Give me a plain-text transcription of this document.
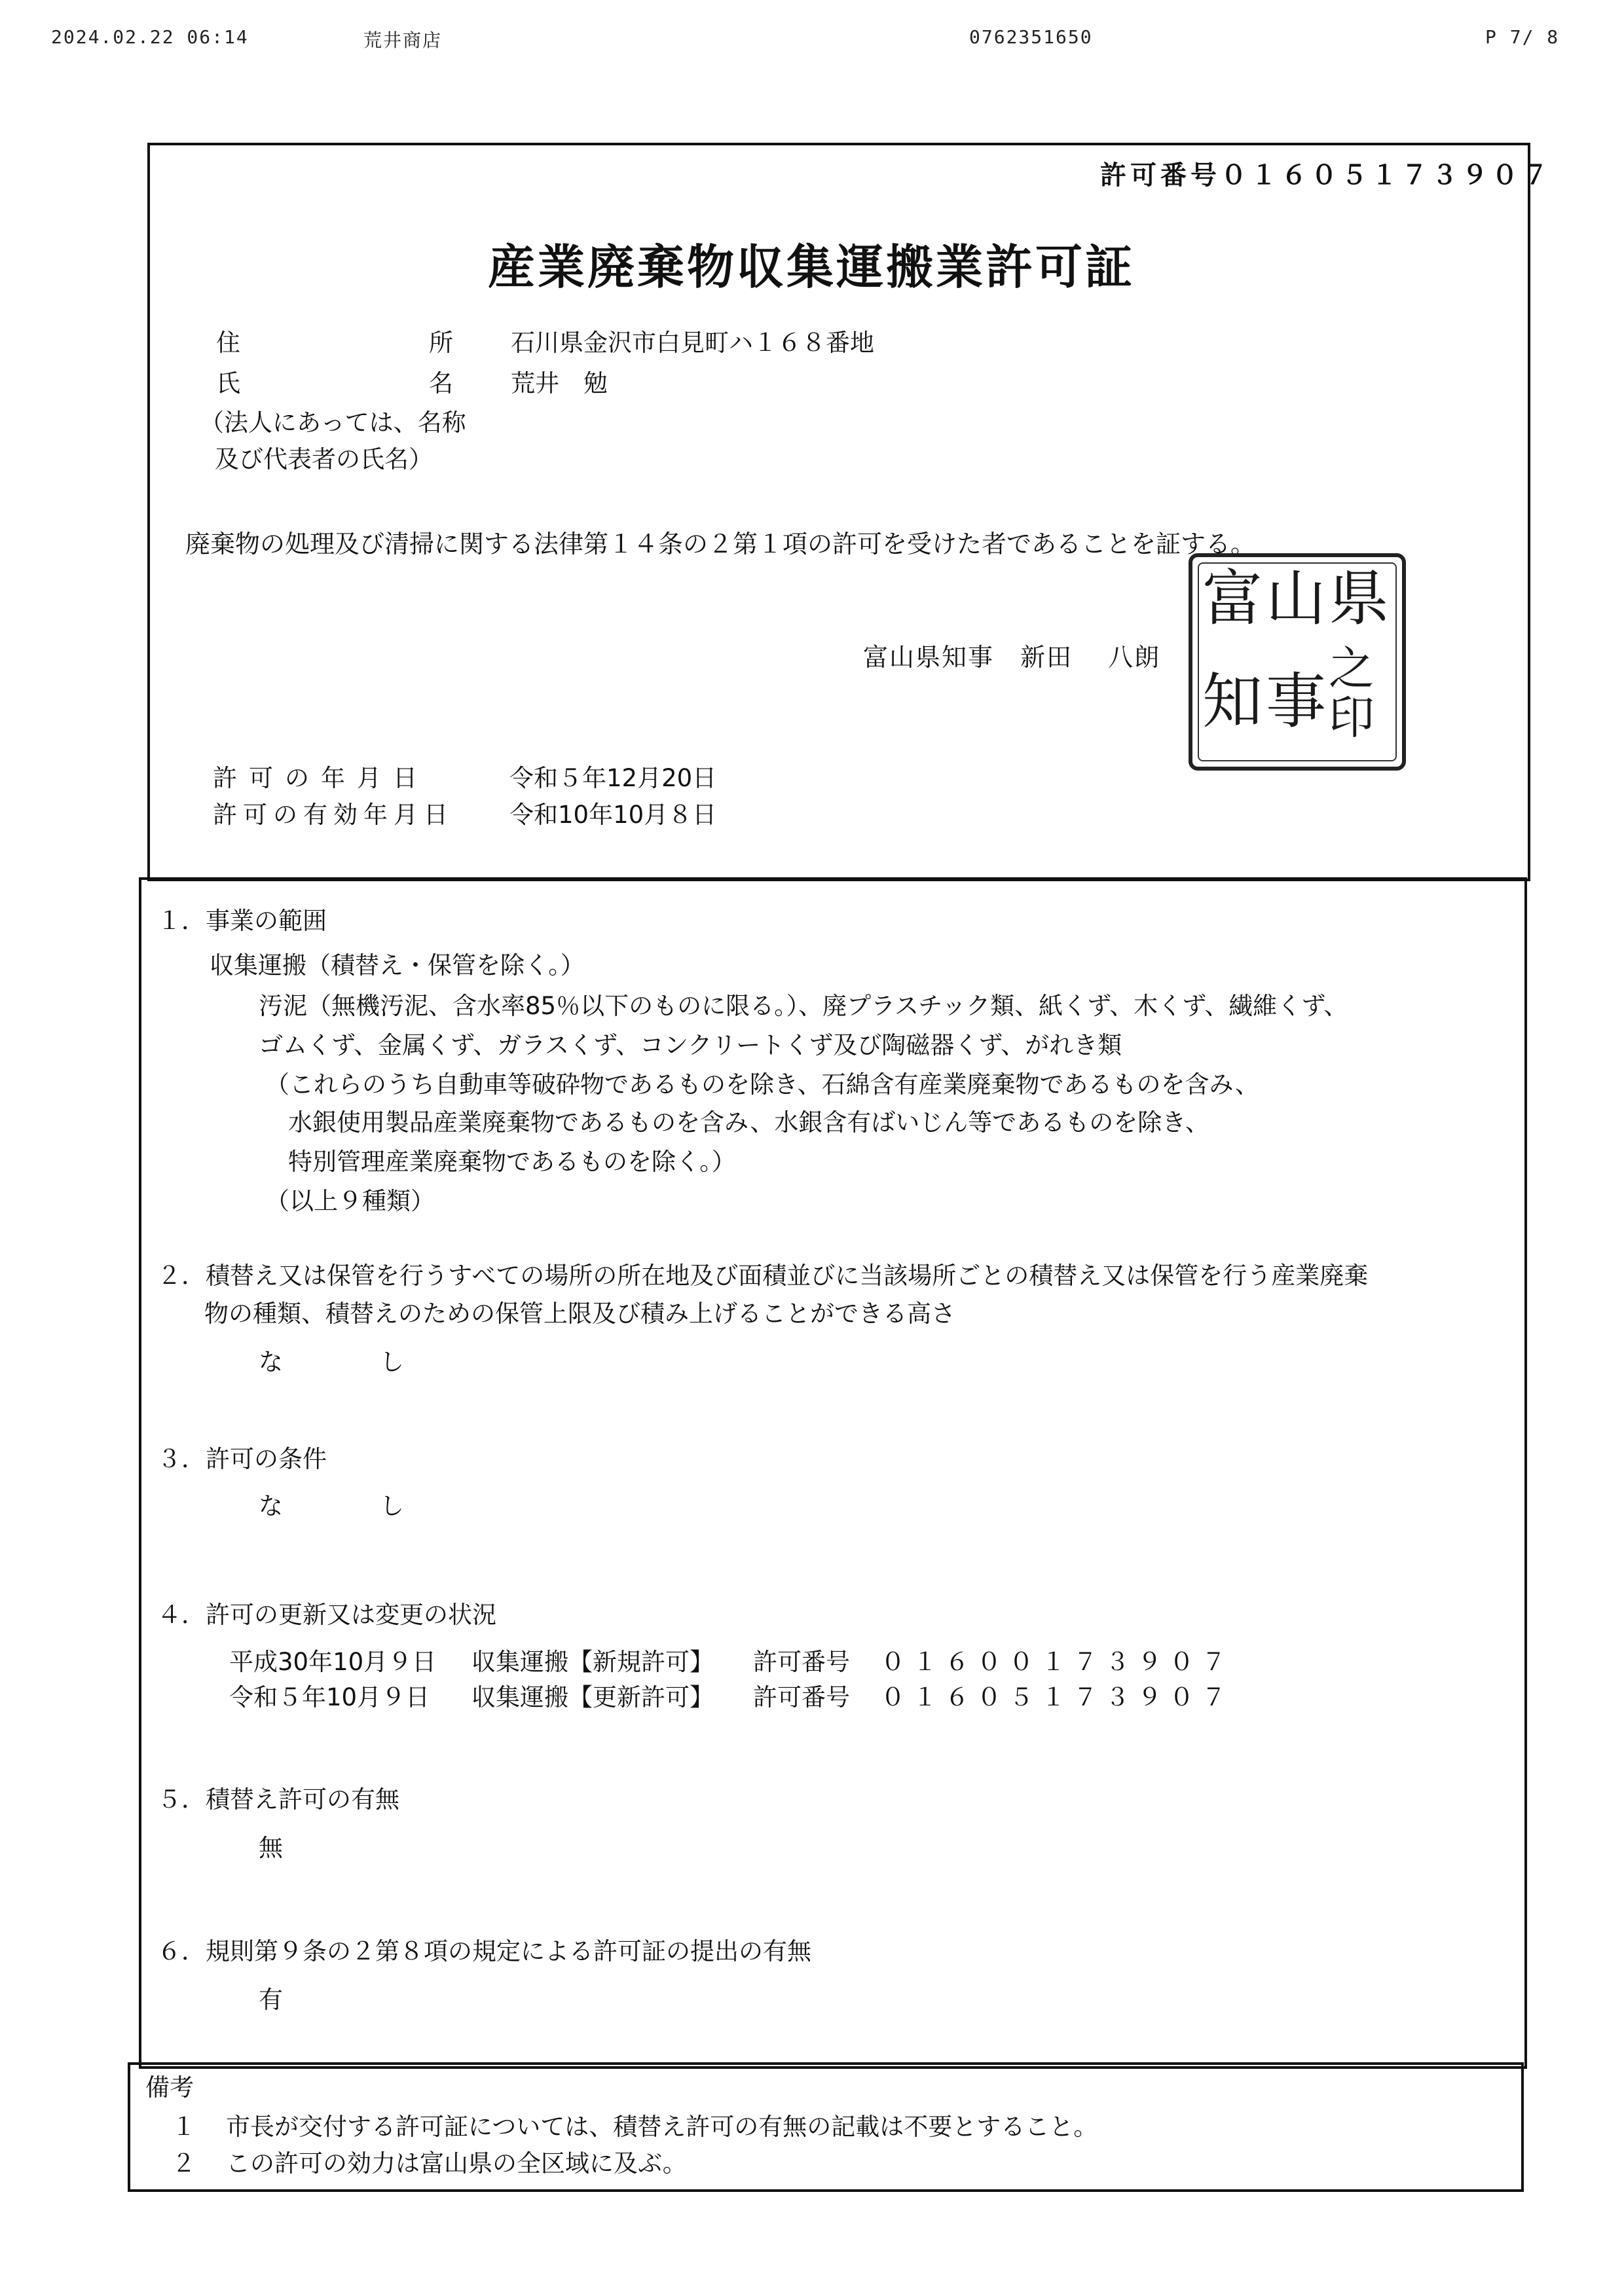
2024.02.22 06:14	荒井商店	0762351650	P 7/ 8
許可番号０１６０５１７３９０７
産業廃棄物収集運搬業許可証
住	所 石川県金沢市白見町ハ１６８番地
氏	名 荒井　勉
（法人にあっては、名称
及び代表者の氏名）
廃棄物の処理及び清掃に関する法律第１４条の２第１項の許可を受けた者であることを証する。
富山県知事　新田　 八朗
富 山 県
知 事 之
印
許可の年月日	令和５年12月20日
許可の有効年月日 令和10年10月８日
１．事業の範囲
収集運搬（積替え・保管を除く。）
汚泥（無機汚泥、含水率85％以下のものに限る。）、廃プラスチック類、紙くず、木くず、繊維くず、
ゴムくず、金属くず、ガラスくず、コンクリートくず及び陶磁器くず、がれき類
（これらのうち自動車等破砕物であるものを除き、石綿含有産業廃棄物であるものを含み、
水銀使用製品産業廃棄物であるものを含み、水銀含有ばいじん等であるものを除き、
特別管理産業廃棄物であるものを除く。）
（以上９種類）
２．積替え又は保管を行うすべての場所の所在地及び面積並びに当該場所ごとの積替え又は保管を行う産業廃棄
物の種類、積替えのための保管上限及び積み上げることができる高さ
な　　　　し
３．許可の条件
な　　　　し
４．許可の更新又は変更の状況
平成30年10月９日 収集運搬【新規許可】 許可番号 ０１６００１７３９０７
令和５年10月９日 収集運搬【更新許可】 許可番号 ０１６０５１７３９０７
５．積替え許可の有無
無
６．規則第９条の２第８項の規定による許可証の提出の有無
有
備考
１ 市長が交付する許可証については、積替え許可の有無の記載は不要とすること。
２ この許可の効力は富山県の全区域に及ぶ。
